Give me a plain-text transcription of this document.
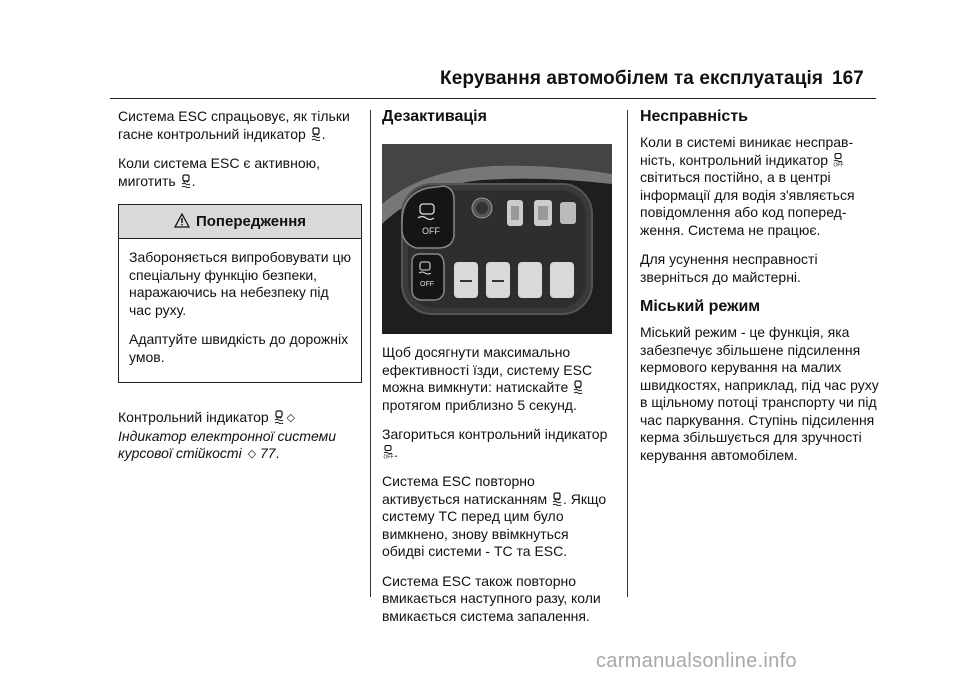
Керування автомобілем та експлуатація 167

Система ESC спрацьовує, як тільки гасне контрольний індикатор .

Коли система ESC є активною, миготить .

Попередження

Забороняється випробовувати цю спеціальну функцію безпеки, наражаючись на небезпеку під час руху.

Адаптуйте швидкість до дорожніх умов.

Контрольний індикатор ◇
Індикатор електронної системи курсової стійкості ◇ 77.

Дезактивація
OFF
OFF

Щоб досягнути максимально ефективності їзди, систему ESC можна вимкнути: натискайте
протягом приблизно 5 секунд.

Загориться контрольний індикатор
OFF .

Система ESC повторно активується натисканням . Якщо систему TC перед цим було вимкнено, знову ввімкнуться обидві системи - TC та ESC.

Система ESC також повторно вмикається наступного разу, коли вмикається система запалення.

Несправність

Коли в системі виникає несправність, контрольний індикатор OFF
світиться постійно, а в центрі інформації для водія з'являється повідомлення або код попередження. Система не працює.

Для усунення несправності зверніться до майстерні.

Міський режим

Міський режим - це функція, яка забезпечує збільшене підсилення кермового керування на малих швидкостях, наприклад, під час руху в щільному потоці транспорту чи під час паркування. Ступінь підсилення керма збільшується для зручності керування автомобілем.

carmanualsonline.info
